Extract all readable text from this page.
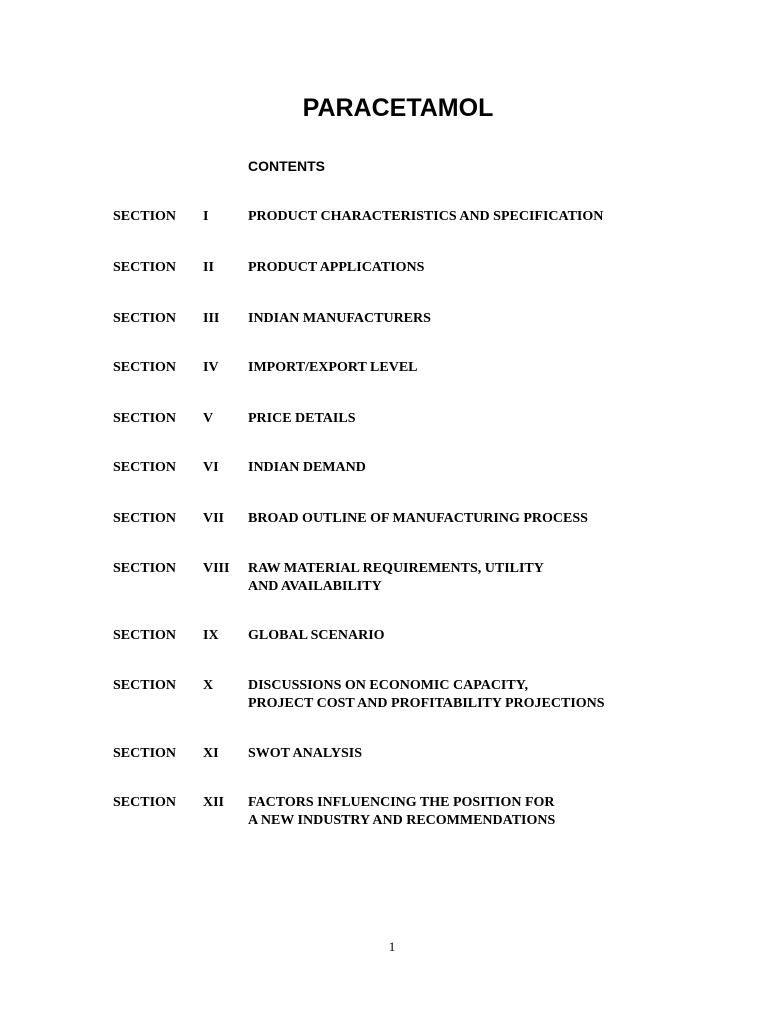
PARACETAMOL
CONTENTS
SECTION I	PRODUCT CHARACTERISTICS AND SPECIFICATION
SECTION II PRODUCT APPLICATIONS
SECTION III INDIAN MANUFACTURERS
SECTION IV IMPORT/EXPORT LEVEL
SECTION V PRICE DETAILS
SECTION VI INDIAN DEMAND
SECTION VII BROAD OUTLINE OF MANUFACTURING PROCESS
SECTION VIII RAW MATERIAL REQUIREMENTS, UTILITY
AND AVAILABILITY
SECTION IX GLOBAL SCENARIO
SECTION X DISCUSSIONS ON ECONOMIC CAPACITY,
PROJECT COST AND PROFITABILITY PROJECTIONS
SECTION XI SWOT ANALYSIS
SECTION XII FACTORS INFLUENCING THE POSITION FOR
A NEW INDUSTRY AND RECOMMENDATIONS
1
